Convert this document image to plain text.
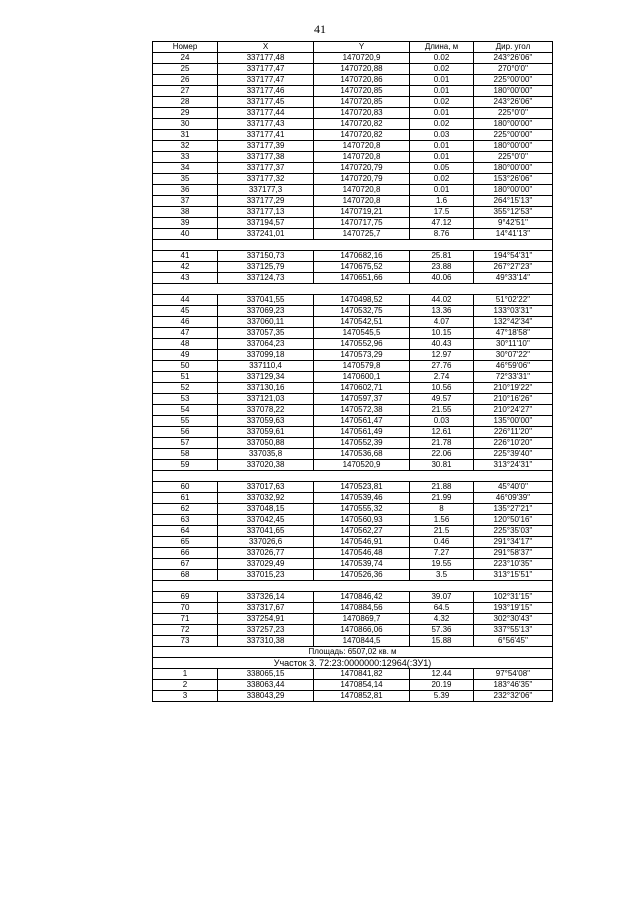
41
Номер	X	Y	Длина, м	Дир. угол
24	337177,48	1470720,9	0.02	243°26'06''
25	337177,47	1470720,88	0.02	270°0'0''
26	337177,47	1470720,86	0.01	225°00'00''
27	337177,46	1470720,85	0.01	180°00'00''
28	337177,45	1470720,85	0.02	243°26'06''
29	337177,44	1470720,83	0.01	225°0'0''
30	337177,43	1470720,82	0.02	180°00'00''
31	337177,41	1470720,82	0.03	225°00'00''
32	337177,39	1470720,8	0.01	180°00'00''
33	337177,38	1470720,8	0.01	225°0'0''
34	337177,37	1470720,79	0.05	180°00'00''
35	337177,32	1470720,79	0.02	153°26'06''
36	337177,3	1470720,8	0.01	180°00'00''
37	337177,29	1470720,8	1.6	264°15'13''
38	337177,13	1470719,21	17.5	355°12'53''
39	337194,57	1470717,75	47.12	9°42'51''
40	337241,01	1470725,7	8.76	14°41'13''

41	337150,73	1470682,16	25.81	194°54'31''
42	337125,79	1470675,52	23.88	267°27'23''
43	337124,73	1470651,66	40.06	49°33'14''

44	337041,55	1470498,52	44.02	51°02'22''
45	337069,23	1470532,75	13.36	133°03'31''
46	337060,11	1470542,51	4.07	132°42'34''
47	337057,35	1470545,5	10.15	47°18'58''
48	337064,23	1470552,96	40.43	30°11'10''
49	337099,18	1470573,29	12.97	30°07'22''
50	337110,4	1470579,8	27.76	46°59'06''
51	337129,34	1470600,1	2.74	72°33'31''
52	337130,16	1470602,71	10.56	210°19'22''
53	337121,03	1470597,37	49.57	210°16'26''
54	337078,22	1470572,38	21.55	210°24'27''
55	337059,63	1470561,47	0.03	135°00'00''
56	337059,61	1470561,49	12.61	226°11'20''
57	337050,88	1470552,39	21.78	226°10'20''
58	337035,8	1470536,68	22.06	225°39'40''
59	337020,38	1470520,9	30.81	313°24'31''

60	337017,63	1470523,81	21.88	45°40'0''
61	337032,92	1470539,46	21.99	46°09'39''
62	337048,15	1470555,32	8	135°27'21''
63	337042,45	1470560,93	1.56	120°50'16''
64	337041,65	1470562,27	21.5	225°35'03''
65	337026,6	1470546,91	0.46	291°34'17''
66	337026,77	1470546,48	7.27	291°58'37''
67	337029,49	1470539,74	19.55	223°10'35''
68	337015,23	1470526,36	3.5	313°15'51''

69	337326,14	1470846,42	39.07	102°31'15''
70	337317,67	1470884,56	64.5	193°19'15''
71	337254,91	1470869,7	4.32	302°30'43''
72	337257,23	1470866,06	57.36	337°55'13''
73	337310,38	1470844,5	15.88	6°56'45''
Площадь: 6507,02 кв. м				
Участок 3. 72:23:0000000:12964(:ЗУ1)				
1	338065,15	1470841,82	12.44	97°54'08''
2	338063,44	1470854,14	20.19	183°46'35''
3	338043,29	1470852,81	5.39	232°32'06''
